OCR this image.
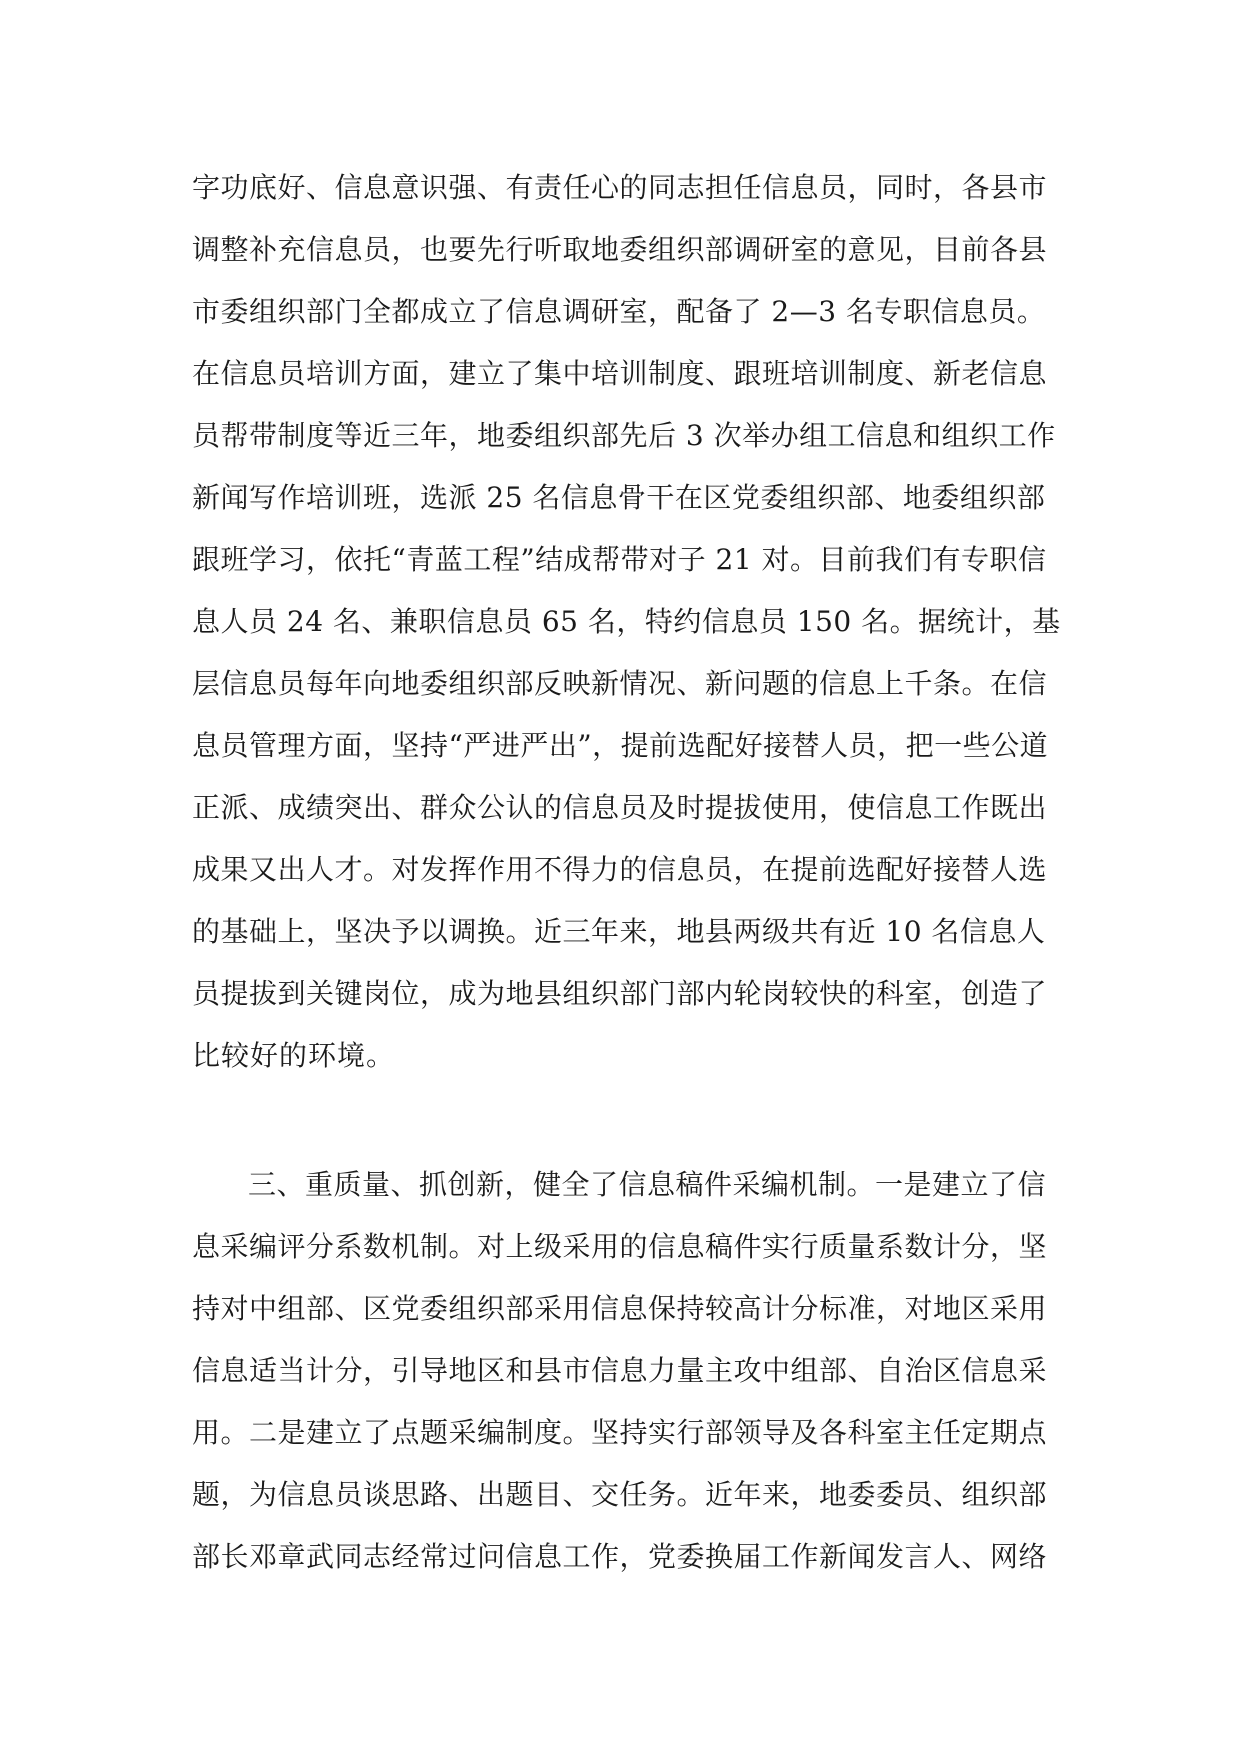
字功底好、信息意识强、有责任心的同志担任信息员，同时，各县市
调整补充信息员，也要先行听取地委组织部调研室的意见，目前各县
市委组织部门全都成立了信息调研室，配备了 2—3 名专职信息员。
在信息员培训方面，建立了集中培训制度、跟班培训制度、新老信息
员帮带制度等近三年，地委组织部先后 3 次举办组工信息和组织工作
新闻写作培训班，选派 25 名信息骨干在区党委组织部、地委组织部
跟班学习，依托“青蓝工程”结成帮带对子 21 对。目前我们有专职信
息人员 24 名、兼职信息员 65 名，特约信息员 150 名。据统计，基
层信息员每年向地委组织部反映新情况、新问题的信息上千条。在信
息员管理方面，坚持“严进严出”，提前选配好接替人员，把一些公道
正派、成绩突出、群众公认的信息员及时提拔使用，使信息工作既出
成果又出人才。对发挥作用不得力的信息员，在提前选配好接替人选
的基础上，坚决予以调换。近三年来，地县两级共有近 10 名信息人
员提拔到关键岗位，成为地县组织部门部内轮岗较快的科室，创造了
比较好的环境。
三、重质量、抓创新，健全了信息稿件采编机制。一是建立了信
息采编评分系数机制。对上级采用的信息稿件实行质量系数计分，坚
持对中组部、区党委组织部采用信息保持较高计分标准，对地区采用
信息适当计分，引导地区和县市信息力量主攻中组部、自治区信息采
用。二是建立了点题采编制度。坚持实行部领导及各科室主任定期点
题，为信息员谈思路、出题目、交任务。近年来，地委委员、组织部
部长邓章武同志经常过问信息工作，党委换届工作新闻发言人、网络
